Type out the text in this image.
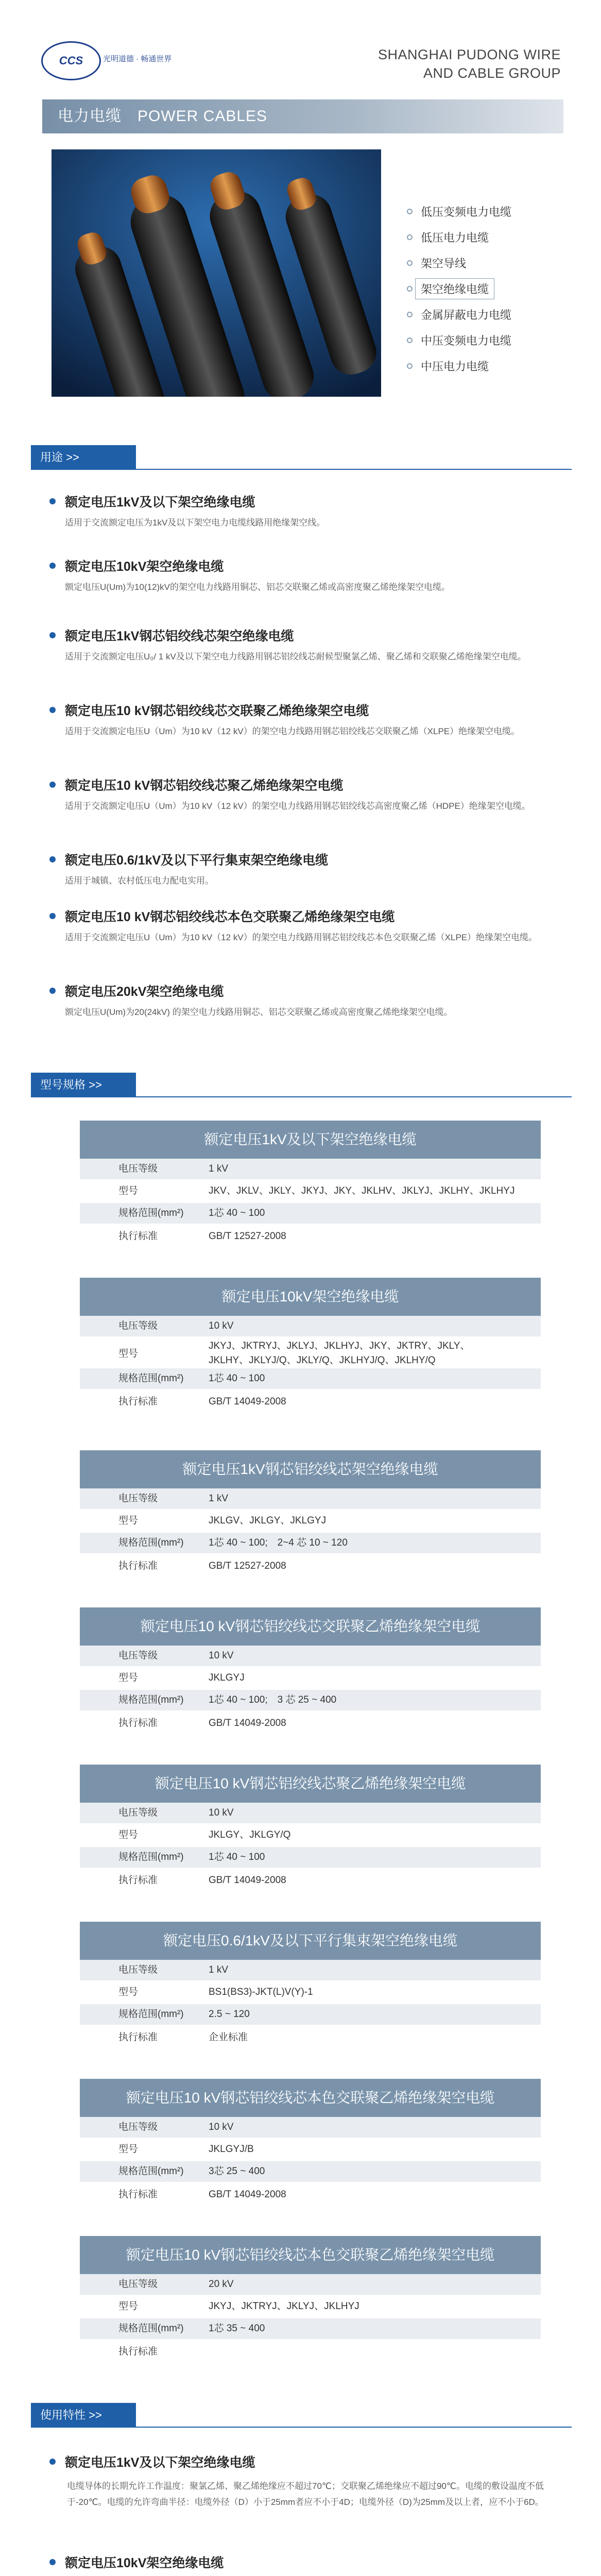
CCS	光明道德 · 畅通世界	SHANGHAI PUDONG WIRE
AND CABLE GROUP
电力电缆　POWER CABLES
低压变频电力电缆
低压电力电缆
架空导线
架空绝缘电缆
金属屏蔽电力电缆
中压变频电力电缆
中压电力电缆
用途 >>
额定电压1kV及以下架空绝缘电缆
适用于交流额定电压为1kV及以下架空电力电缆线路用绝缘架空线。
额定电压10kV架空绝缘电缆
额定电压U(Um)为10(12)kV的架空电力线路用铜芯、铝芯交联聚乙烯或高密度聚乙烯绝缘架空电缆。
额定电压1kV钢芯铝绞线芯架空绝缘电缆
适用于交流额定电压U₀/ 1 kV及以下架空电力线路用钢芯铝绞线芯耐候型聚氯乙烯、聚乙烯和交联聚乙烯绝缘架空电缆。
额定电压10 kV钢芯铝绞线芯交联聚乙烯绝缘架空电缆
适用于交流额定电压U（Um）为10 kV（12 kV）的架空电力线路用钢芯铝绞线芯交联聚乙烯（XLPE）绝缘架空电缆。
额定电压10 kV钢芯铝绞线芯聚乙烯绝缘架空电缆
适用于交流额定电压U（Um）为10 kV（12 kV）的架空电力线路用钢芯铝绞线芯高密度聚乙烯（HDPE）绝缘架空电缆。
额定电压0.6/1kV及以下平行集束架空绝缘电缆
适用于城镇、农村低压电力配电实用。
额定电压10 kV钢芯铝绞线芯本色交联聚乙烯绝缘架空电缆
适用于交流额定电压U（Um）为10 kV（12 kV）的架空电力线路用钢芯铝绞线芯本色交联聚乙烯（XLPE）绝缘架空电缆。
额定电压20kV架空绝缘电缆
额定电压U(Um)为20(24kV) 的架空电力线路用铜芯、铝芯交联聚乙烯或高密度聚乙烯绝缘架空电缆。
型号规格 >>
额定电压1kV及以下架空绝缘电缆
电压等级	1 kV
型号	JKV、JKLV、JKLY、JKYJ、JKY、JKLHV、JKLYJ、JKLHY、JKLHYJ
规格范围(mm²)	1芯 40 ~ 100
执行标准	GB/T 12527-2008
额定电压10kV架空绝缘电缆
电压等级	10 kV
型号
JKYJ、JKTRYJ、JKLYJ、JKLHYJ、JKY、JKTRY、JKLY、
JKLHY、JKLYJ/Q、JKLY/Q、JKLHYJ/Q、JKLHY/Q
规格范围(mm²)	1芯 40 ~ 100
执行标准	GB/T 14049-2008
额定电压1kV钢芯铝绞线芯架空绝缘电缆
电压等级	1 kV
型号	JKLGV、JKLGY、JKLGYJ
规格范围(mm²)	1芯 40 ~ 100;　2~4 芯 10 ~ 120
执行标准	GB/T 12527-2008
额定电压10 kV钢芯铝绞线芯交联聚乙烯绝缘架空电缆
电压等级	10 kV
型号	JKLGYJ
规格范围(mm²)	1芯 40 ~ 100;　3 芯 25 ~ 400
执行标准	GB/T 14049-2008
额定电压10 kV钢芯铝绞线芯聚乙烯绝缘架空电缆
电压等级	10 kV
型号	JKLGY、JKLGY/Q
规格范围(mm²)	1芯 40 ~ 100
执行标准	GB/T 14049-2008
额定电压0.6/1kV及以下平行集束架空绝缘电缆
电压等级	1 kV
型号	BS1(BS3)-JKT(L)V(Y)-1
规格范围(mm²)	2.5 ~ 120
执行标准	企业标准
额定电压10 kV钢芯铝绞线芯本色交联聚乙烯绝缘架空电缆
电压等级	10 kV
型号	JKLGYJ/B
规格范围(mm²)	3芯 25 ~ 400
执行标准	GB/T 14049-2008
额定电压10 kV钢芯铝绞线芯本色交联聚乙烯绝缘架空电缆
电压等级	20 kV
型号	JKYJ、JKTRYJ、JKLYJ、JKLHYJ
规格范围(mm²)	1芯 35 ~ 400
执行标准
使用特性 >>
额定电压1kV及以下架空绝缘电缆
电缆导体的长期允许工作温度：聚氯乙烯、聚乙烯绝缘应不超过70℃；交联聚乙烯绝缘应不超过90℃。电缆的敷设温度不低于-20℃。电缆的允许弯曲半径：电缆外径（D）小于25mm者应不小于4D；电缆外径（D)为25mm及以上者，应不小于6D。
额定电压10kV架空绝缘电缆
